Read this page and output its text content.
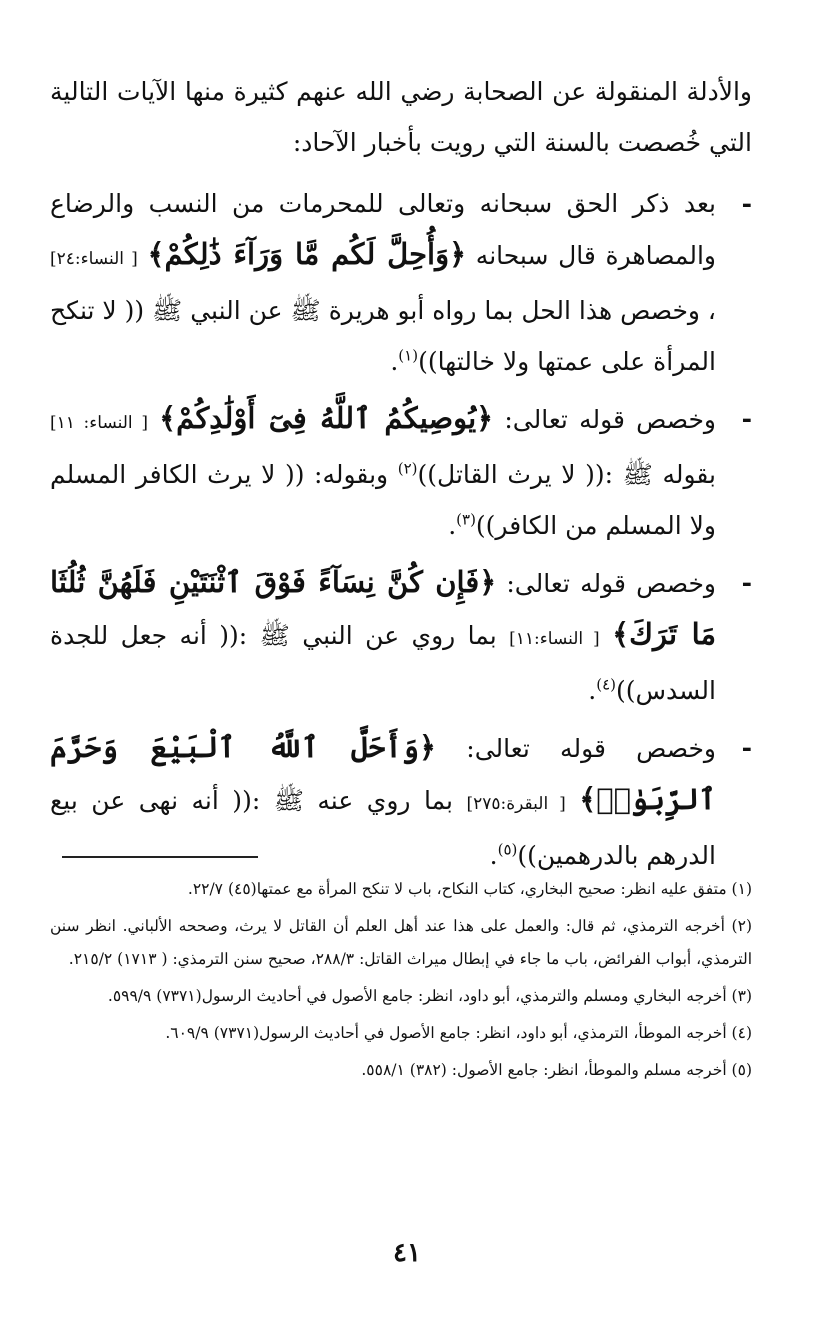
والأدلة المنقولة عن الصحابة رضي الله عنهم كثيرة منها الآيات التالية التي خُصصت بالسنة التي رويت بأخبار الآحاد:
-
بعد ذكر الحق سبحانه وتعالى للمحرمات من النسب والرضاع والمصاهرة قال سبحانه ﴿وَأُحِلَّ لَكُم مَّا وَرَآءَ ذَٰلِكُمْ﴾ [ النساء:٢٤] ، وخصص هذا الحل بما رواه أبو هريرة ﷺ عن النبي ﷺ (( لا تنكح المرأة على عمتها ولا خالتها))$^{(١)}$.
-
وخصص قوله تعالى: ﴿يُوصِيكُمُ ٱللَّهُ فِىٓ أَوْلَٰدِكُمْ﴾ [ النساء: ١١] بقوله ﷺ :(( لا يرث القاتل))$^{(٢)}$ وبقوله: (( لا يرث الكافر المسلم ولا المسلم من الكافر))$^{(٣)}$.
-
وخصص قوله تعالى: ﴿فَإِن كُنَّ نِسَآءً فَوْقَ ٱثْنَتَيْنِ فَلَهُنَّ ثُلُثَا مَا تَرَكَ﴾ [ النساء:١١] بما روي عن النبي ﷺ :(( أنه جعل للجدة السدس))$^{(٤)}$.
-
وخصص قوله تعالى: ﴿وَأَحَلَّ ٱللَّهُ ٱلْبَيْعَ وَحَرَّمَ ٱلرِّبَوٰا۟﴾ [ البقرة:٢٧٥] بما روي عنه ﷺ :(( أنه نهى عن بيع الدرهم بالدرهمين))$^{(٥)}$.

(١) متفق عليه انظر: صحيح البخاري، كتاب النكاح، باب لا تنكح المرأة مع عمتها(٤٥) ٢٢/٧.

(٢) أخرجه الترمذي، ثم قال: والعمل على هذا عند أهل العلم أن القاتل لا يرث، وصححه الألباني. انظر سنن الترمذي، أبواب الفرائض، باب ما جاء في إبطال ميراث القاتل: ٢٨٨/٣، صحيح سنن الترمذي: ( ١٧١٣) ٢١٥/٢.

(٣) أخرجه البخاري ومسلم والترمذي، أبو داود، انظر: جامع الأصول في أحاديث الرسول(٧٣٧١) ٥٩٩/٩.

(٤) أخرجه الموطأ، الترمذي، أبو داود، انظر: جامع الأصول في أحاديث الرسول(٧٣٧١) ٦٠٩/٩.

(٥) أخرجه مسلم والموطأ، انظر: جامع الأصول: (٣٨٢) ٥٥٨/١.

٤١
